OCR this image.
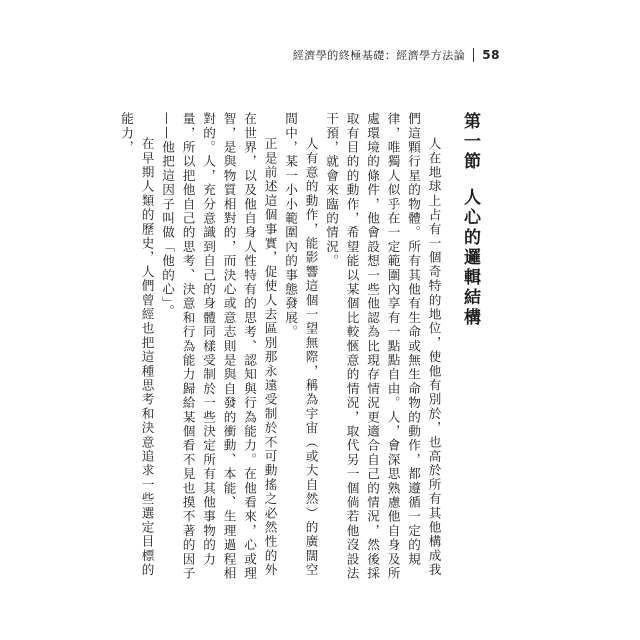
經濟學的終極基礎：經濟學方法論 58
第一節人心的邏輯結構

人在地球上占有一個奇特的地位，使他有別於，也高於所有其他構成我們這顆行星的物體。所有其他有生命或無生命物的動作，都遵循一定的規律，唯獨人似乎在一定範圍內享有一點點自由。人，會深思熟慮他自身及所處環境的條件，他會設想一些他認為比現存情況更適合自己的情況，然後採取有目的的動作，希望能以某個比較愜意的情況，取代另一個倘若他沒設法干預，就會來臨的情況。

人有意的動作，能影響這個一望無際，稱為宇宙（或大自然）的廣闊空間中，某一小小範圍內的事態發展。

正是前述這個事實，促使人去區別那永遠受制於不可動搖之必然性的外在世界，以及他自身人性特有的思考、認知與行為能力。在他看來，心或理智，是與物質相對的，而決心或意志則是與自發的衝動、本能、生理過程相對的。人，充分意識到自己的身體同樣受制於一些決定所有其他事物的力量，所以把他自己的思考、決意和行為能力歸給某個看不見也摸不著的因子——他把這因子叫做「他的心」。

在早期人類的歷史，人們曾經也把這種思考和決意追求一些選定目標的能力，
